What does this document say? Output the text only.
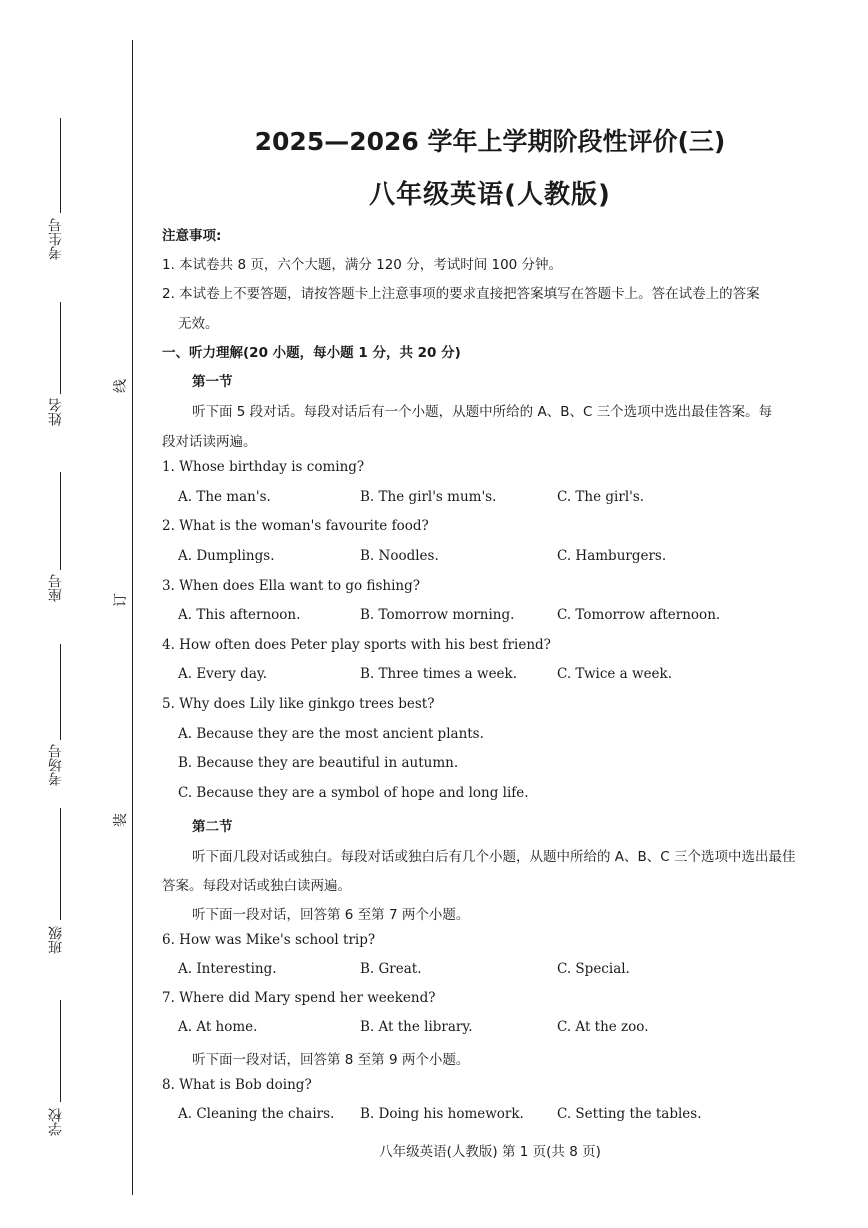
考生号
姓名
座号
考场号
班级
学校
线
订
装
2025—2026 学年上学期阶段性评价(三)
八年级英语(人教版)
注意事项:
1. 本试卷共 8 页，六个大题，满分 120 分，考试时间 100 分钟。
2. 本试卷上不要答题，请按答题卡上注意事项的要求直接把答案填写在答题卡上。答在试卷上的答案
无效。
一、听力理解(20 小题，每小题 1 分，共 20 分)
第一节
听下面 5 段对话。每段对话后有一个小题，从题中所给的 A、B、C 三个选项中选出最佳答案。每
段对话读两遍。
1. Whose birthday is coming?
A. The man's.	B. The girl's mum's.	C. The girl's.
2. What is the woman's favourite food?
A. Dumplings.	B. Noodles.	C. Hamburgers.
3. When does Ella want to go fishing?
A. This afternoon.	B. Tomorrow morning.	C. Tomorrow afternoon.
4. How often does Peter play sports with his best friend?
A. Every day.	B. Three times a week.	C. Twice a week.
5. Why does Lily like ginkgo trees best?
A. Because they are the most ancient plants.
B. Because they are beautiful in autumn.
C. Because they are a symbol of hope and long life.
第二节
听下面几段对话或独白。每段对话或独白后有几个小题，从题中所给的 A、B、C 三个选项中选出最佳
答案。每段对话或独白读两遍。
听下面一段对话，回答第 6 至第 7 两个小题。
6. How was Mike's school trip?
A. Interesting.	B. Great.	C. Special.
7. Where did Mary spend her weekend?
A. At home.	B. At the library.	C. At the zoo.
听下面一段对话，回答第 8 至第 9 两个小题。
8. What is Bob doing?
A. Cleaning the chairs. B. Doing his homework. C. Setting the tables.
八年级英语(人教版) 第 1 页(共 8 页)
